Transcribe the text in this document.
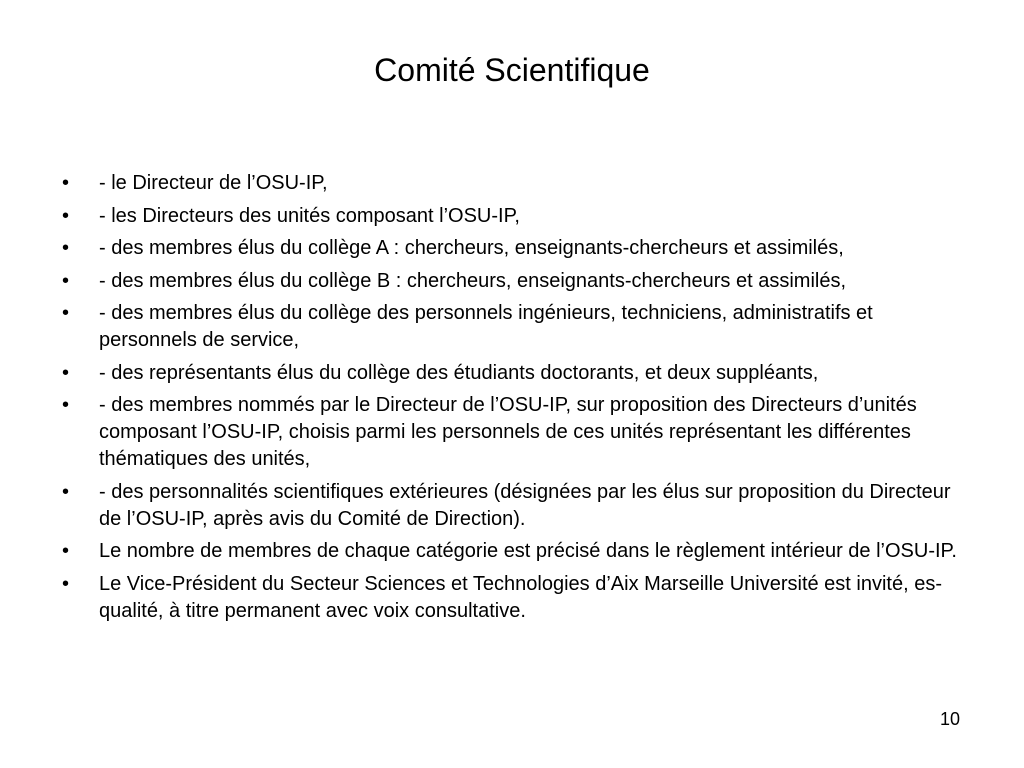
Comité Scientifique
•	- le Directeur de l’OSU-IP,
•	- les Directeurs des unités composant l’OSU-IP,
•	- des membres élus du collège A : chercheurs, enseignants-chercheurs et assimilés,
•	- des membres élus du collège B : chercheurs, enseignants-chercheurs et assimilés,
•	- des membres élus du collège des personnels ingénieurs, techniciens, administratifs et personnels de service,
•	- des représentants élus du collège des étudiants doctorants, et deux suppléants,
•	- des membres nommés par le Directeur de l’OSU-IP, sur proposition des Directeurs d’unités composant l’OSU-IP, choisis parmi les personnels de ces unités représentant les différentes thématiques des unités,
•	- des personnalités scientifiques extérieures (désignées par les élus sur proposition du Directeur de l’OSU-IP, après avis du Comité de Direction).
•	Le nombre de membres de chaque catégorie est précisé dans le règlement intérieur de l’OSU-IP.
•	Le Vice-Président du Secteur Sciences et Technologies d’Aix Marseille Université est invité, es- qualité, à titre permanent avec voix consultative.
10
